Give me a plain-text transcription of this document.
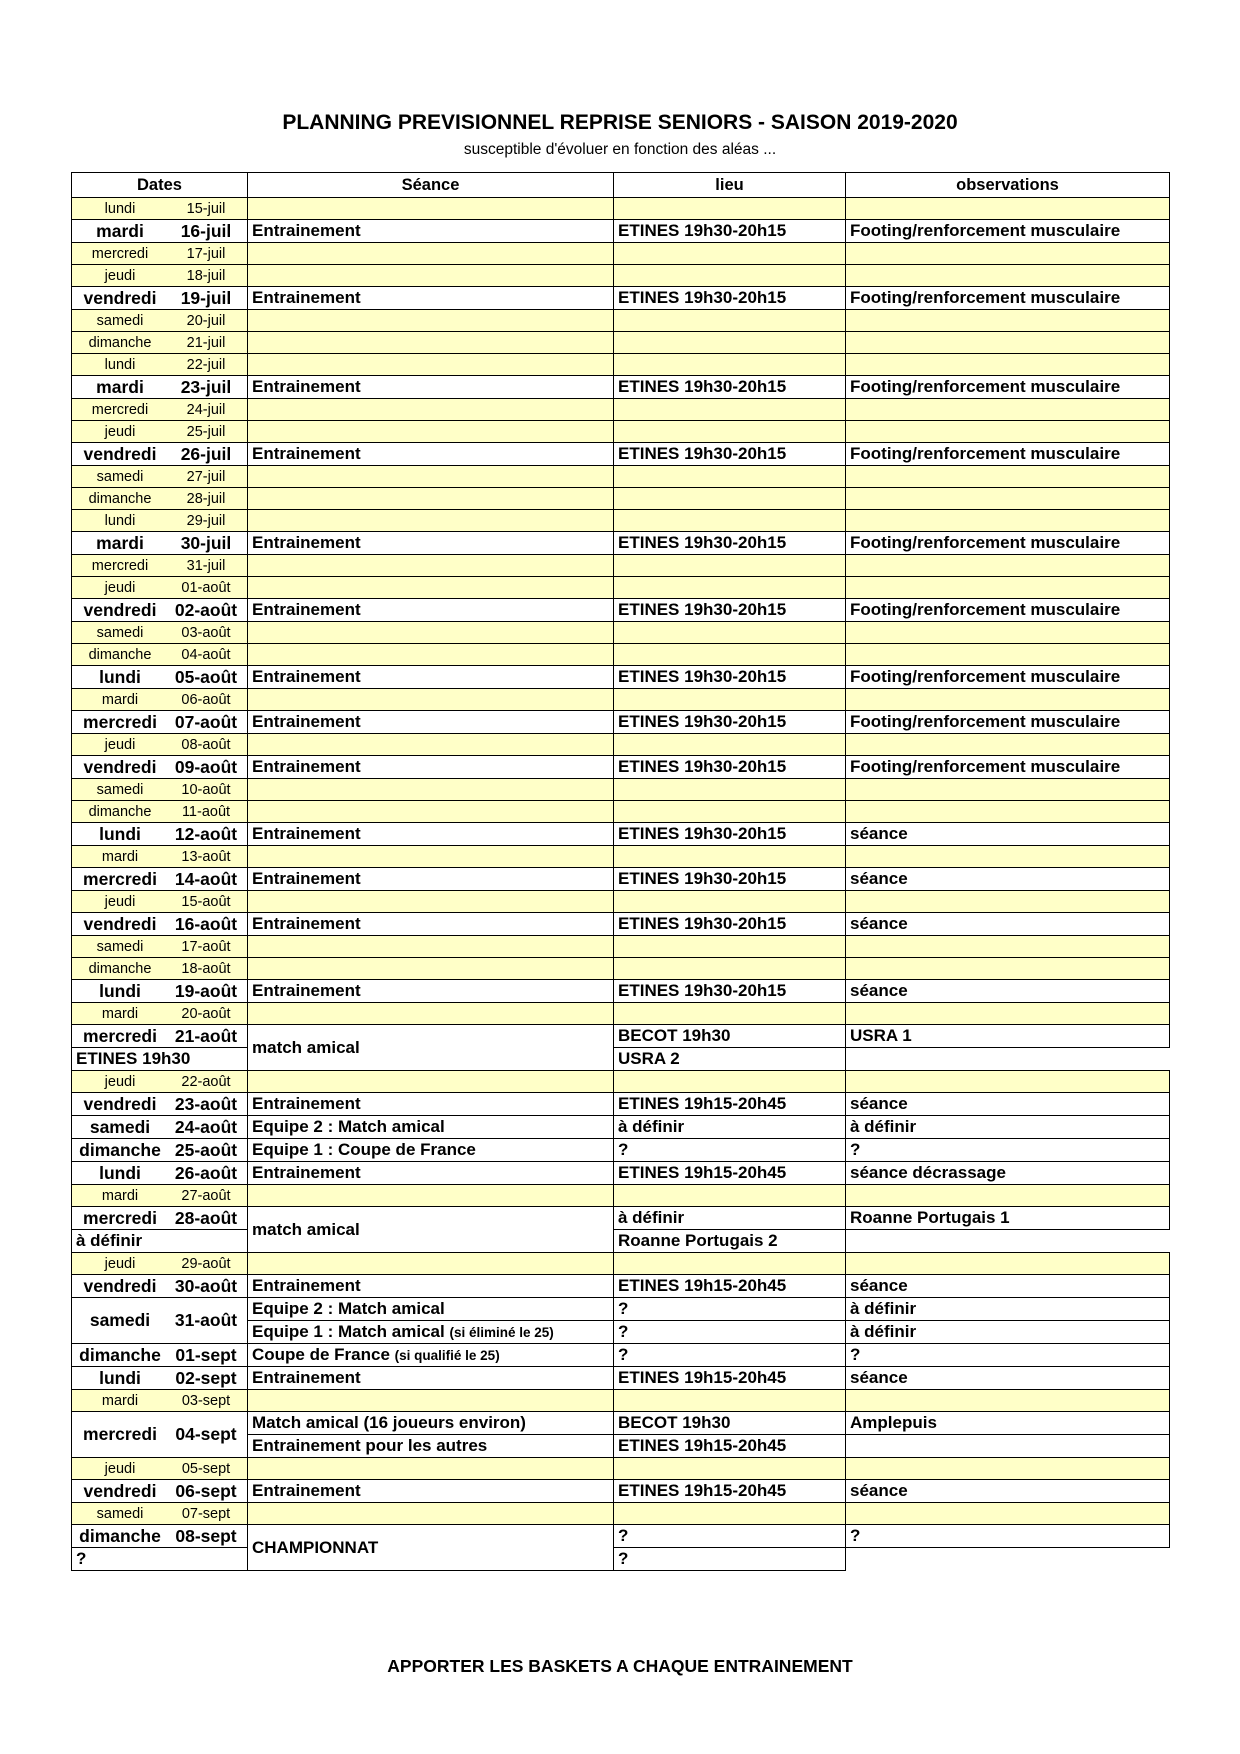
PLANNING PREVISIONNEL REPRISE SENIORS - SAISON 2019-2020
susceptible d'évoluer en fonction des aléas ...
Dates	Séance	lieu	observations

lundi 15-juil			

mardi 16-juil	Entrainement	ETINES 19h30-20h15	Footing/renforcement musculaire

mercredi 17-juil			

jeudi 18-juil			

vendredi 19-juil	Entrainement	ETINES 19h30-20h15	Footing/renforcement musculaire

samedi 20-juil			

dimanche 21-juil			

lundi 22-juil			

mardi 23-juil	Entrainement	ETINES 19h30-20h15	Footing/renforcement musculaire

mercredi 24-juil			

jeudi 25-juil			

vendredi 26-juil	Entrainement	ETINES 19h30-20h15	Footing/renforcement musculaire

samedi 27-juil			

dimanche 28-juil			

lundi 29-juil			

mardi 30-juil	Entrainement	ETINES 19h30-20h15	Footing/renforcement musculaire

mercredi 31-juil			

jeudi 01-août			

vendredi 02-août	Entrainement	ETINES 19h30-20h15	Footing/renforcement musculaire

samedi 03-août			

dimanche 04-août			

lundi 05-août	Entrainement	ETINES 19h30-20h15	Footing/renforcement musculaire

mardi 06-août			

mercredi 07-août	Entrainement	ETINES 19h30-20h15	Footing/renforcement musculaire

jeudi 08-août			

vendredi 09-août	Entrainement	ETINES 19h30-20h15	Footing/renforcement musculaire

samedi 10-août			

dimanche 11-août			

lundi 12-août	Entrainement	ETINES 19h30-20h15	séance

mardi 13-août			

mercredi 14-août	Entrainement	ETINES 19h30-20h15	séance

jeudi 15-août			

vendredi 16-août	Entrainement	ETINES 19h30-20h15	séance

samedi 17-août			

dimanche 18-août			

lundi 19-août	Entrainement	ETINES 19h30-20h15	séance

mardi 20-août			

mercredi 21-août	match amical	BECOT 19h30	USRA 1
ETINES 19h30		USRA 2	

jeudi 22-août			

vendredi 23-août	Entrainement	ETINES 19h15-20h45	séance

samedi 24-août	Equipe 2 : Match amical	à définir	à définir

dimanche 25-août	Equipe 1 : Coupe de France	?	?

lundi 26-août	Entrainement	ETINES 19h15-20h45	séance décrassage

mardi 27-août			

mercredi 28-août	match amical	à définir	Roanne Portugais 1
à définir		Roanne Portugais 2	

jeudi 29-août			

vendredi 30-août	Entrainement	ETINES 19h15-20h45	séance

samedi 31-août	Equipe 2 : Match amical	?	à définir
	Equipe 1 : Match amical (si éliminé le 25)	?	à définir

dimanche 01-sept	Coupe de France (si qualifié le 25)	?	?

lundi 02-sept	Entrainement	ETINES 19h15-20h45	séance

mardi 03-sept			

mercredi 04-sept	Match amical (16 joueurs environ)	BECOT 19h30	Amplepuis
	Entrainement pour les autres	ETINES 19h15-20h45	

jeudi 05-sept			

vendredi 06-sept	Entrainement	ETINES 19h15-20h45	séance

samedi 07-sept			

dimanche 08-sept	CHAMPIONNAT	?	?
?		?	
APPORTER LES BASKETS A CHAQUE ENTRAINEMENT
